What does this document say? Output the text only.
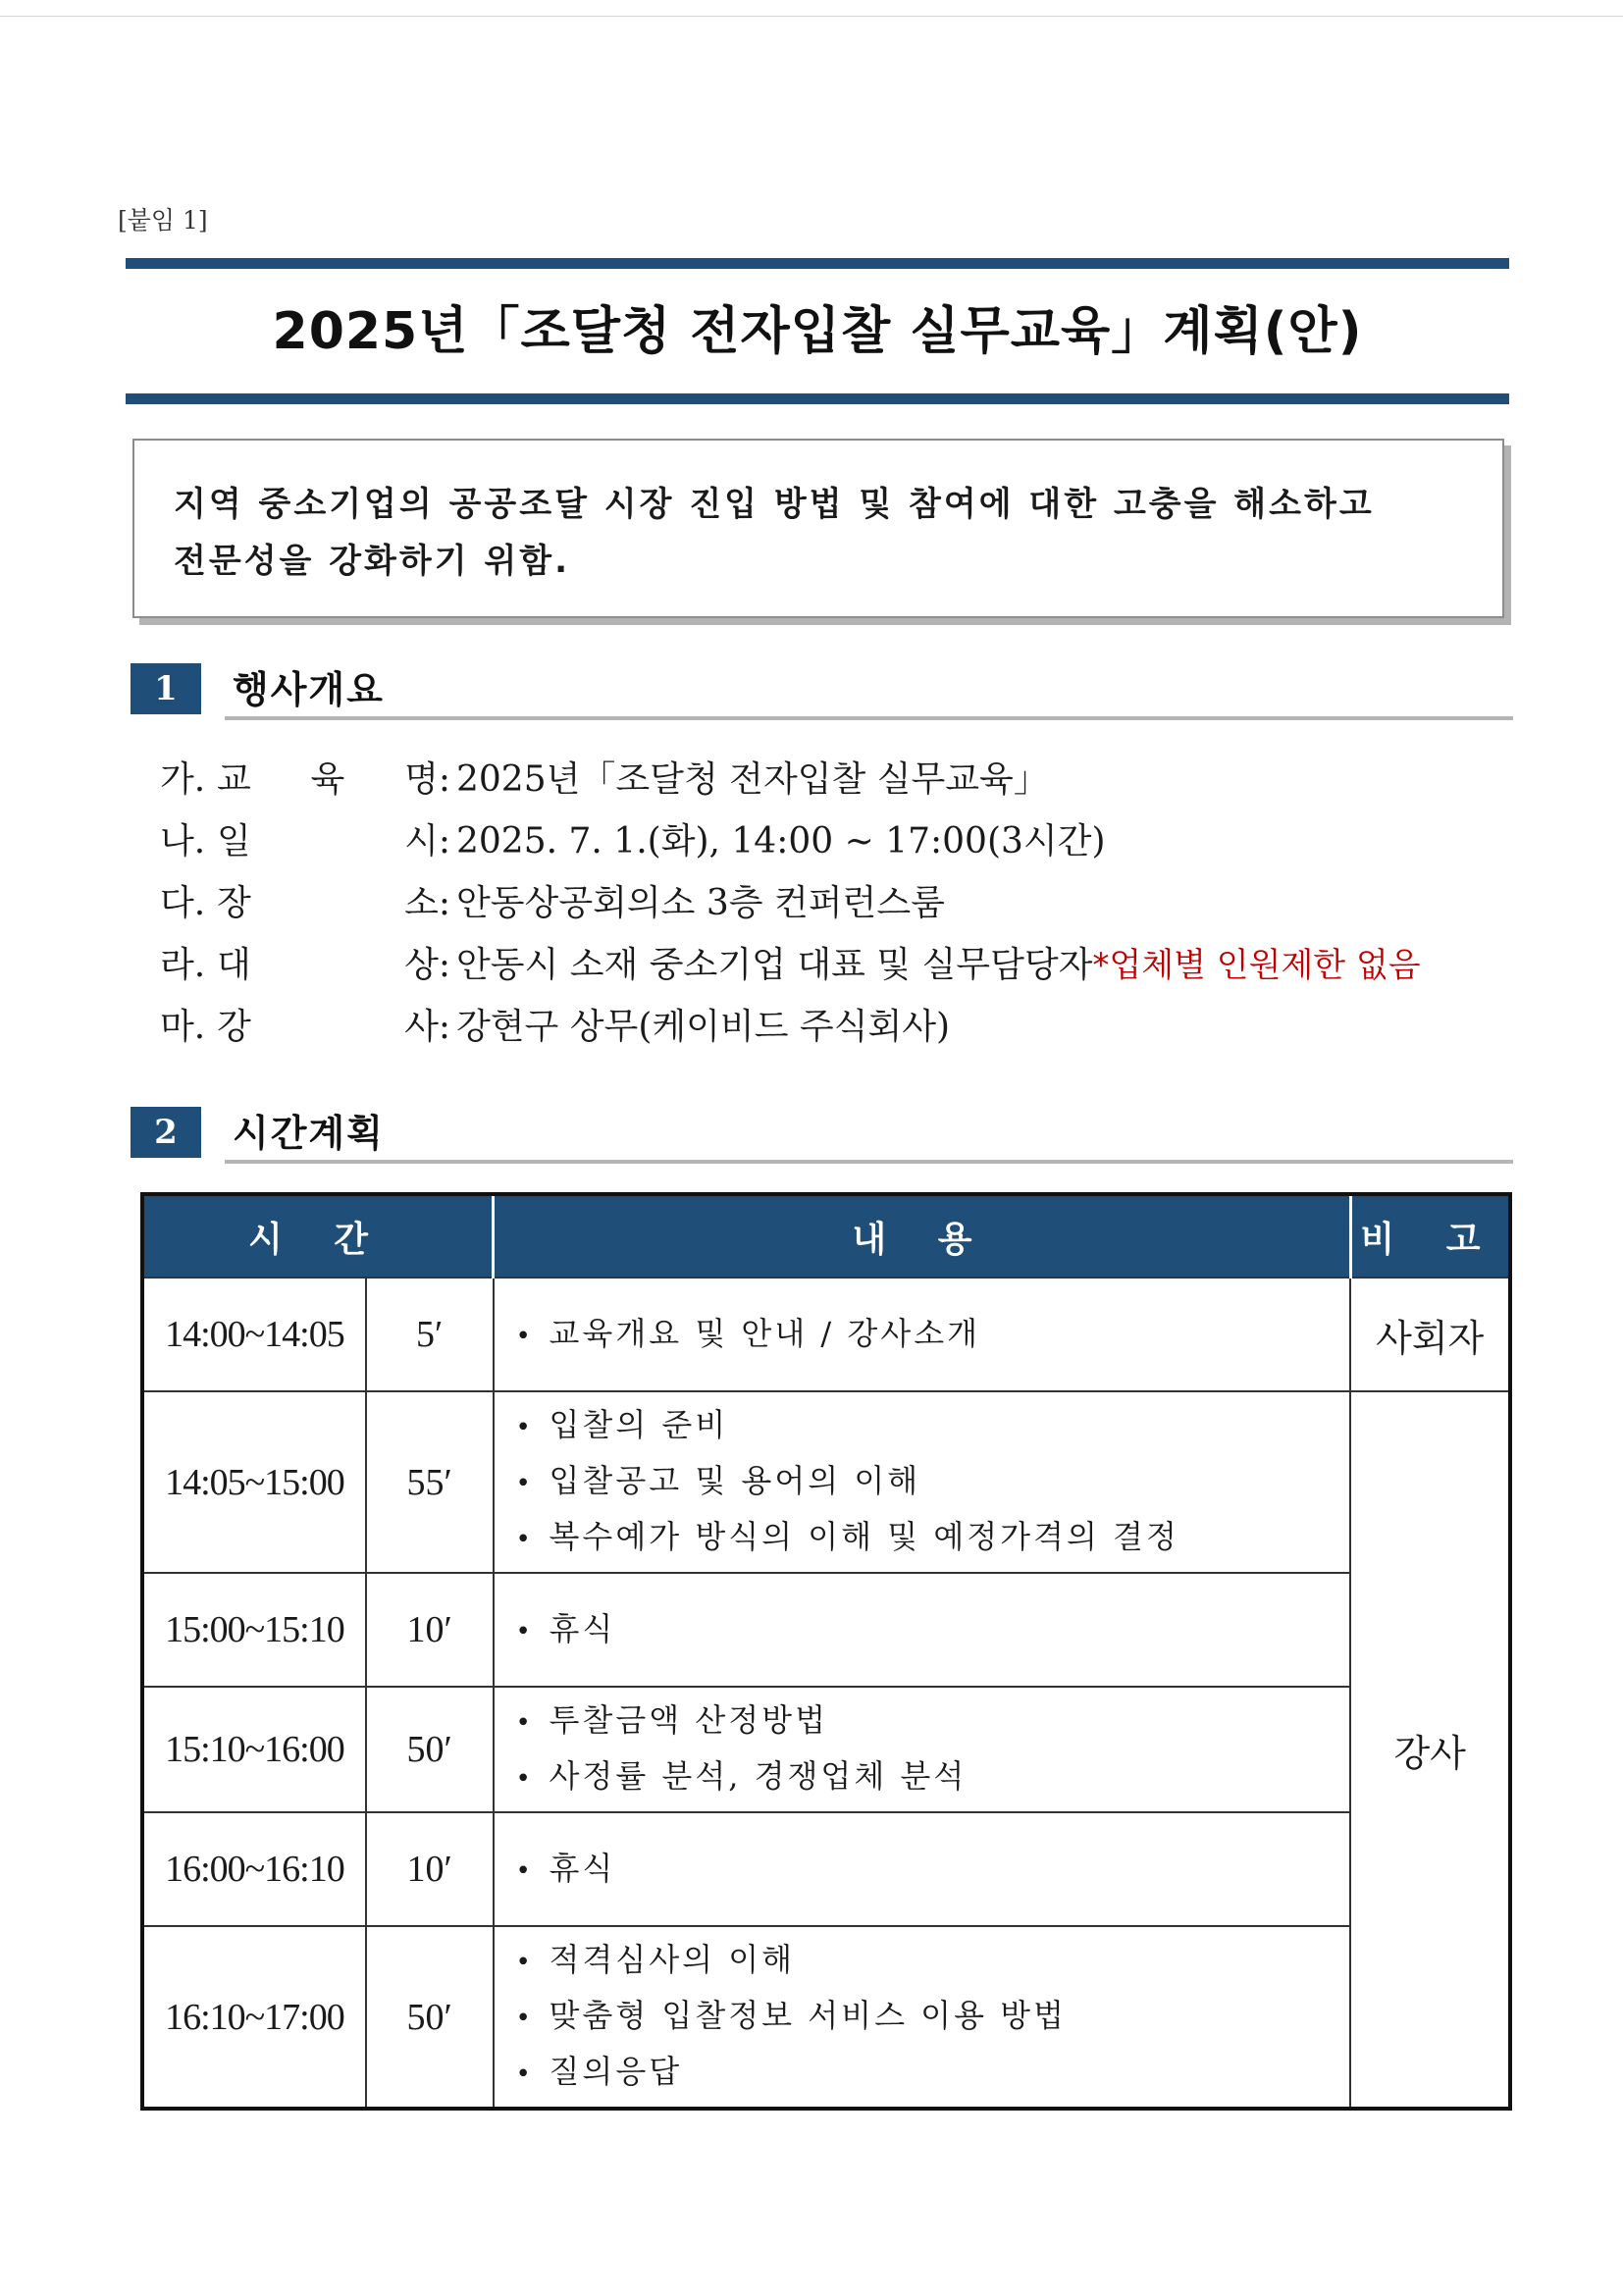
[붙임 1]
2025년「조달청 전자입찰 실무교육」계획(안)
지역 중소기업의 공공조달 시장 진입 방법 및 참여에 대한 고충을 해소하고
전문성을 강화하기 위함.
1	행사개요
가. 교 육 명: 2025년「조달청 전자입찰 실무교육」
나. 일	시: 2025. 7. 1.(화), 14:00 ~ 17:00(3시간)
다. 장	소: 안동상공회의소 3층 컨퍼런스룸
라. 대	상: 안동시 소재 중소기업 대표 및 실무담당자 *업체별 인원제한 없음
마. 강	사: 강현구 상무(케이비드 주식회사)
2	시간계획
시 간		내 용	비 고
14:00~14:05	5′	• 교육개요 및 안내 / 강사소개	사회자
14:05~15:00	55′	• 입찰의 준비
• 입찰공고 및 용어의 이해
• 복수예가 방식의 이해 및 예정가격의 결정	강사
15:00~15:10	10′	• 휴식	

15:10~16:00	50′	• 투찰금액 산정방법
• 사정률 분석, 경쟁업체 분석	

16:00~16:10	10′	• 휴식	

16:10~17:00	50′	• 적격심사의 이해
• 맞춤형 입찰정보 서비스 이용 방법
• 질의응답	
